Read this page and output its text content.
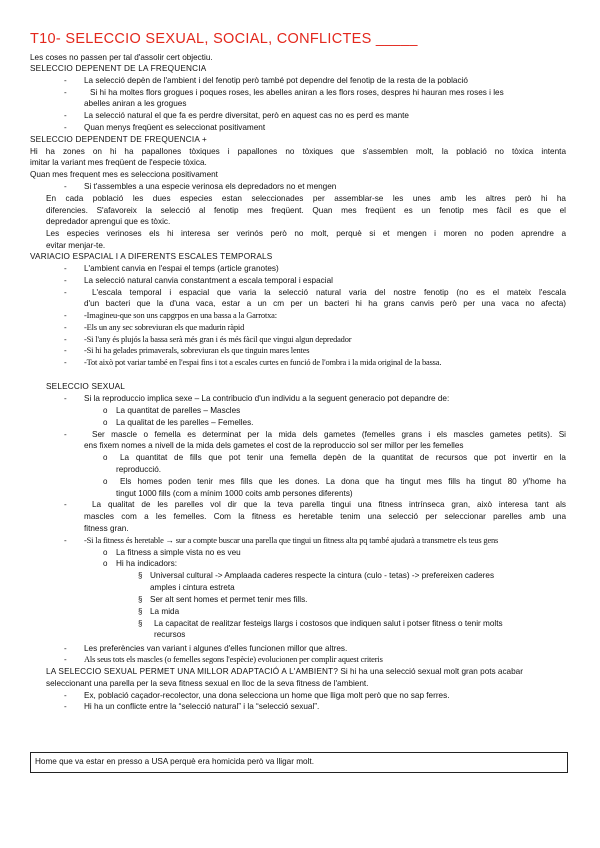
T10- SELECCIO SEXUAL, SOCIAL, CONFLICTES _____
Les coses no passen per tal d'assolir cert objectiu.
SELECCIO DEPENENT DE LA FREQUENCIA
- La selecció depèn de l'ambient i del fenotip però també pot dependre del fenotip de la resta de la població
-	Si hi ha moltes flors grogues i poques roses, les abelles aniran a les flors roses, despres hi hauran mes roses i les
abelles aniran a les grogues
- La selecció natural el que fa es perdre diversitat, però en aquest cas no es perd es mante
- Quan menys freqüent es seleccionat positivament
SELECCIO DEPENDENT DE FREQUENCIA +
Hi ha zones on hi ha papallones tòxiques i papallones no tòxiques que s'assemblen molt, la població no tòxica intenta
imitar la variant mes freqüent de l'especie tòxica.
Quan mes frequent mes es selecciona positivament
- Si t'assembles a una especie verinosa els depredadors no et mengen
En cada població les dues especies estan seleccionades per assemblar-se les unes amb les altres però hi ha
diferencies. S'afavoreix la selecció al fenotip mes freqüent. Quan mes freqüent es un fenotip mes fàcil es que el
depredador aprengui que es tòxic.
Les especies verinoses els hi interesa ser verinós però no molt, perquè si et mengen i moren no poden aprendre a
evitar menjar-te.
VARIACIO ESPACIAL I A DIFERENTS ESCALES TEMPORALS
- L'ambient canvia en l'espai el temps (article granotes)
- La selecció natural canvia constantment a escala temporal i espacial
-	L'escala temporal i espacial que varia la selecció natural varia del nostre fenotip (no es el mateix l'escala
d'un bacteri que la d'una vaca, estar a un cm per un bacteri hi ha grans canvis però per una vaca no afecta)
- -Imagineu-que son uns capgrpos en una bassa a la Garrotxa:
- -Els un any sec sobreviuran els que madurin ràpid
- -Si l'any és plujós la bassa serà més gran i és més fàcil que vingui algun depredador
- -Si hi ha gelades primaverals, sobreviuran els que tinguin mares lentes
- -Tot això pot variar també en l'espai fins i tot a escales curtes en funció de l'ombra i la mida original de la bassa.
SELECCIO SEXUAL
- Si la reproduccio implica sexe – La contribucio d'un individu a la seguent generacio pot depandre de:
o La quantitat de parelles – Mascles
o La qualitat de les parelles – Femelles.
-	Ser mascle o femella es determinat per la mida dels gametes (femelles grans i els mascles gametes petits). Si
ens fixem nomes a nivell de la mida dels gametes el cost de la reproduccio sol ser millor per les femelles
o La quantitat de fills que pot tenir una femella depèn de la quantitat de recursos que pot invertir en la
reproducció.
o Els homes poden tenir mes fills que les dones. La dona que ha tingut mes fills ha tingut 80 yl'home ha
tingut 1000 fills (com a mínim 1000 coits amb persones diferents)
-	La qualitat de les parelles vol dir que la teva parella tingui una fitness intrínseca gran, això interesa tant als
mascles com a les femelles. Com la fitness es heretable tenim una selecció per seleccionar parelles amb una
fitness gran.
- -Si la fitness és heretable → sur a compte buscar una parella que tingui un fitness alta pq també ajudarà a transmetre els teus gens
o La fitness a simple vista no es veu
o Hi ha indicadors:
§ Universal cultural -> Amplaada caderes respecte la cintura (culo - tetas) -> prefereixen caderes
amples i cintura estreta
§ Ser alt sent homes et permet tenir mes fills.
§ La mida
§ La capacitat de realitzar festeigs llargs i costosos que indiquen salut i potser fitness o tenir molts
recursos
- Les preferències van variant i algunes d'elles funcionen millor que altres.
- Als seus tots els mascles (o femelles segons l'espècie) evolucionen per complir aquest criteris
LA SELECCIO SEXUAL PERMET UNA MILLOR ADAPTACIÓ A L'AMBIENT? Si hi ha una selecció sexual molt gran pots acabar
seleccionant una parella per la seva fitness sexual en lloc de la seva fitness de l'ambient.
- Ex, població caçador-recolector, una dona selecciona un home que lliga molt però que no sap ferres.
- Hi ha un conflicte entre la “selecció natural” i la “selecció sexual”.
Home que va estar en presso a USA perquè era homicida però va lligar molt.
